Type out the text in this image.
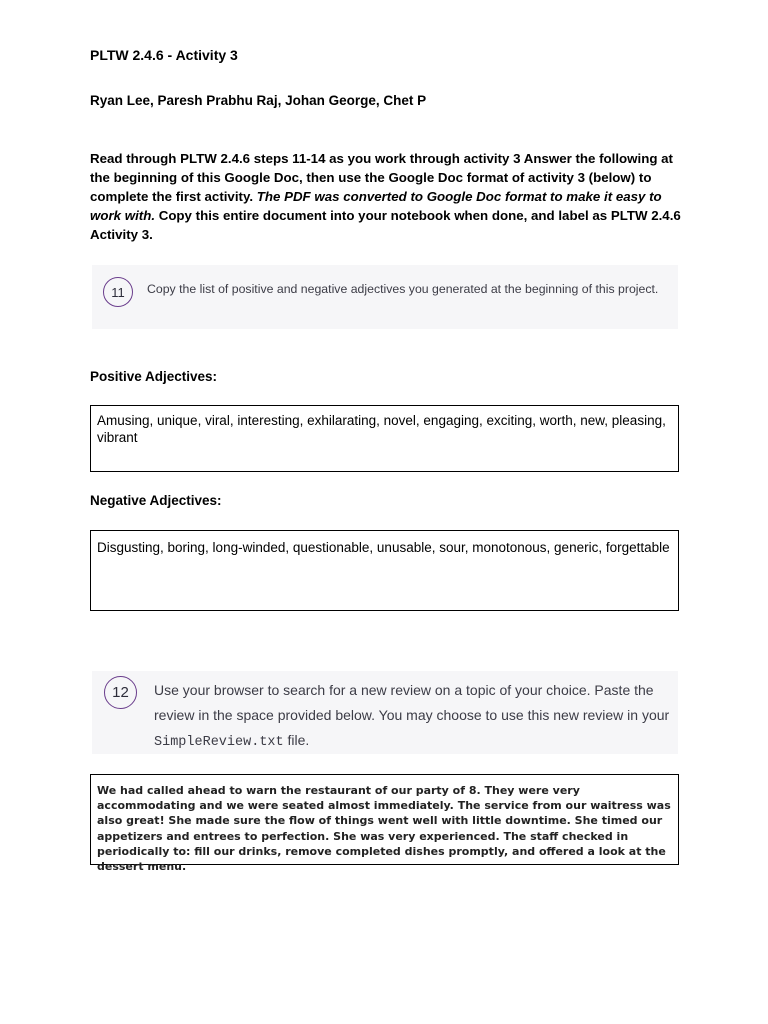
PLTW 2.4.6 - Activity 3
Ryan Lee, Paresh Prabhu Raj, Johan George, Chet P
Read through PLTW 2.4.6 steps 11-14 as you work through activity 3 Answer the following at the beginning of this Google Doc, then use the Google Doc format of activity 3 (below) to complete the first activity. The PDF was converted to Google Doc format to make it easy to work with. Copy this entire document into your notebook when done, and label as PLTW 2.4.6 Activity 3.
11	Copy the list of positive and negative adjectives you generated at the beginning of this project.
Positive Adjectives:
Amusing, unique, viral, interesting, exhilarating, novel, engaging, exciting, worth, new, pleasing, vibrant
Negative Adjectives:
Disgusting, boring, long-winded, questionable, unusable, sour, monotonous, generic, forgettable
12	Use your browser to search for a new review on a topic of your choice. Paste the review in the space provided below. You may choose to use this new review in your SimpleReview.txt file.
We had called ahead to warn the restaurant of our party of 8. They were very accommodating and we were seated almost immediately. The service from our waitress was also great! She made sure the flow of things went well with little downtime. She timed our appetizers and entrees to perfection. She was very experienced. The staff checked in periodically to: fill our drinks, remove completed dishes promptly, and offered a look at the dessert menu.
